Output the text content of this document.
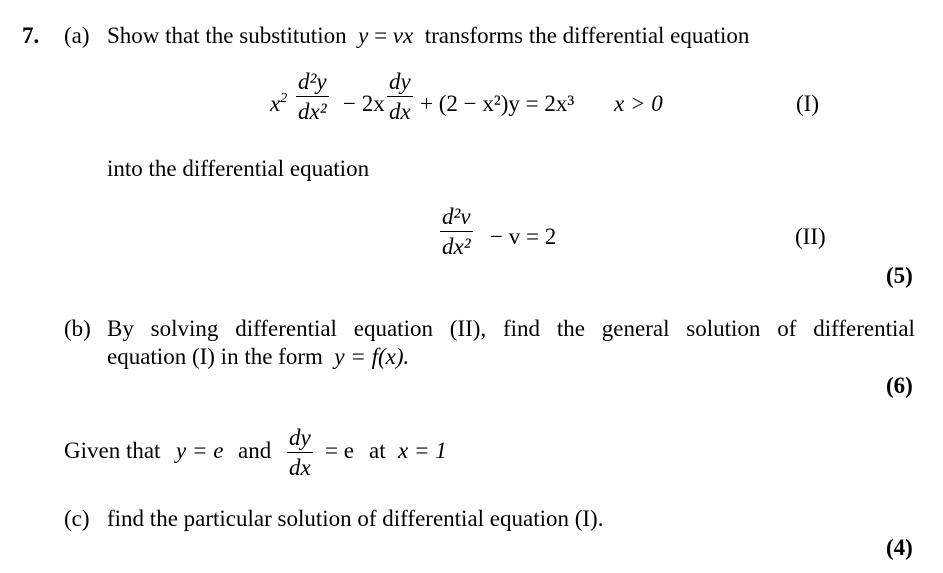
7. (a) Show that the substitution y = vx transforms the differential equation
$x^2$
d²y
dx² − 2x
dy
dx + (2 − x²)y = 2x³ x > 0	(I)
into the differential equation
d²v
dx² − v = 2	(II)
(5)
(b) By solving differential equation (II), find the general solution of differential
equation (I) in the form y = f(x).
(6)
Given that y = e and
dy
dx
= e at x = 1
(c) find the particular solution of differential equation (I).
(4)
